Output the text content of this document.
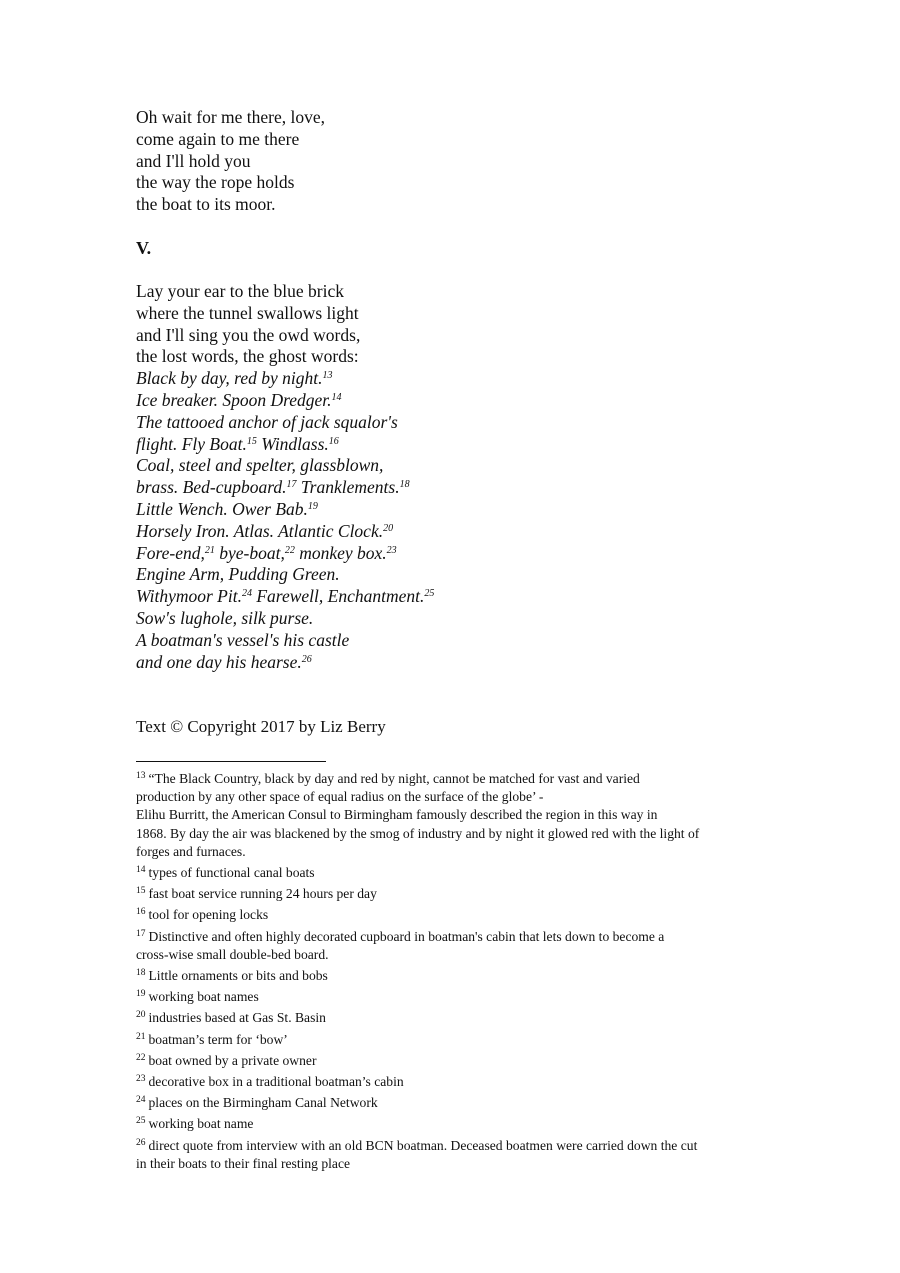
Oh wait for me there, love,
come again to me there
and I'll hold you
the way the rope holds
the boat to its moor.
V.
Lay your ear to the blue brick
where the tunnel swallows light
and I'll sing you the owd words,
the lost words, the ghost words:
Black by day, red by night.$^{13}$
Ice breaker. Spoon Dredger.$^{14}$
The tattooed anchor of jack squalor's
flight. Fly Boat.$^{15}$ Windlass.$^{16}$
Coal, steel and spelter, glassblown,
brass. Bed-cupboard.$^{17}$ Tranklements.$^{18}$
Little Wench. Ower Bab.$^{19}$
Horsely Iron. Atlas. Atlantic Clock.$^{20}$
Fore-end,$^{21}$ bye-boat,$^{22}$ monkey box.$^{23}$
Engine Arm, Pudding Green.
Withymoor Pit.$^{24}$ Farewell, Enchantment.$^{25}$
Sow's lughole, silk purse.
A boatman's vessel's his castle
and one day his hearse.$^{26}$
Text © Copyright 2017 by Liz Berry
$^{13}$ “The Black Country, black by day and red by night, cannot be matched for vast and varied
production by any other space of equal radius on the surface of the globe’ -
Elihu Burritt, the American Consul to Birmingham famously described the region in this way in
1868. By day the air was blackened by the smog of industry and by night it glowed red with the light of
forges and furnaces.
$^{14}$ types of functional canal boats
$^{15}$ fast boat service running 24 hours per day
$^{16}$ tool for opening locks
$^{17}$ Distinctive and often highly decorated cupboard in boatman's cabin that lets down to become a
cross-wise small double-bed board.
$^{18}$ Little ornaments or bits and bobs
$^{19}$ working boat names
$^{20}$ industries based at Gas St. Basin
$^{21}$ boatman’s term for ‘bow’
$^{22}$ boat owned by a private owner
$^{23}$ decorative box in a traditional boatman’s cabin
$^{24}$ places on the Birmingham Canal Network
$^{25}$ working boat name
$^{26}$ direct quote from interview with an old BCN boatman. Deceased boatmen were carried down the cut
in their boats to their final resting place
